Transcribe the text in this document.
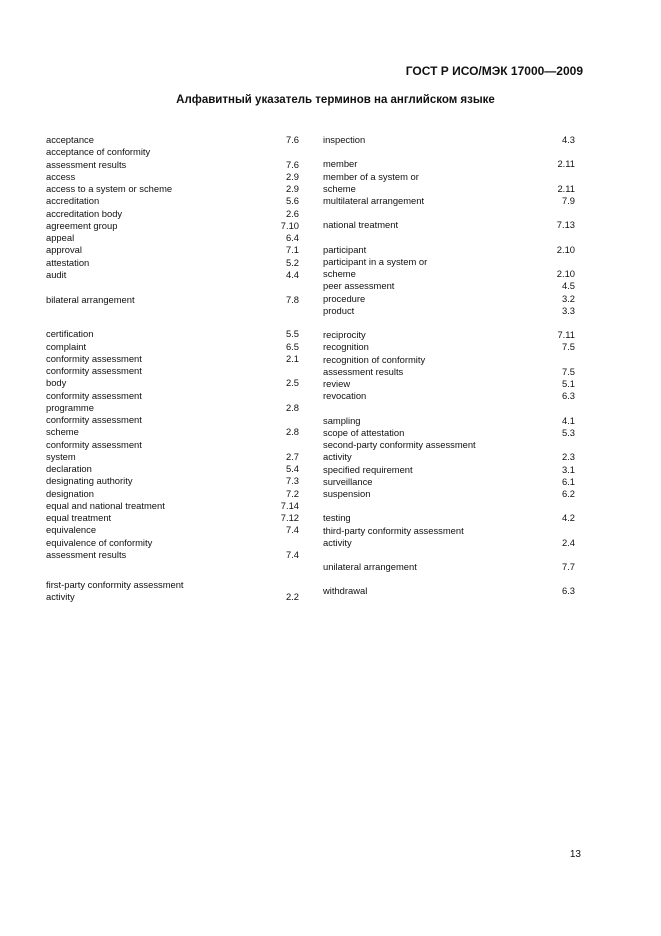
ГОСТ Р ИСО/МЭК 17000—2009
Алфавитный указатель терминов на английском языке
acceptance	7.6
acceptance of conformity
assessment results	7.6
access	2.9
access to a system or scheme	2.9
accreditation	5.6
accreditation body	2.6
agreement group	7.10
appeal	6.4
approval	7.1
attestation	5.2
audit	4.4
bilateral arrangement	7.8
certification	5.5
complaint	6.5
conformity assessment	2.1
conformity assessment
body	2.5
conformity assessment
programme	2.8
conformity assessment
scheme	2.8
conformity assessment
system	2.7
declaration	5.4
designating authority	7.3
designation	7.2
equal and national treatment	7.14
equal treatment	7.12
equivalence	7.4
equivalence of conformity
assessment results	7.4
first-party conformity assessment
activity	2.2
inspection	4.3
member	2.11
member of a system or
scheme	2.11
multilateral arrangement	7.9
national treatment	7.13
participant	2.10
participant in a system or
scheme	2.10
peer assessment	4.5
procedure	3.2
product	3.3
reciprocity	7.11
recognition	7.5
recognition of conformity
assessment results	7.5
review	5.1
revocation	6.3
sampling	4.1
scope of attestation	5.3
second-party conformity assessment
activity	2.3
specified requirement	3.1
surveillance	6.1
suspension	6.2
testing	4.2
third-party conformity assessment
activity	2.4
unilateral arrangement	7.7
withdrawal	6.3
13
